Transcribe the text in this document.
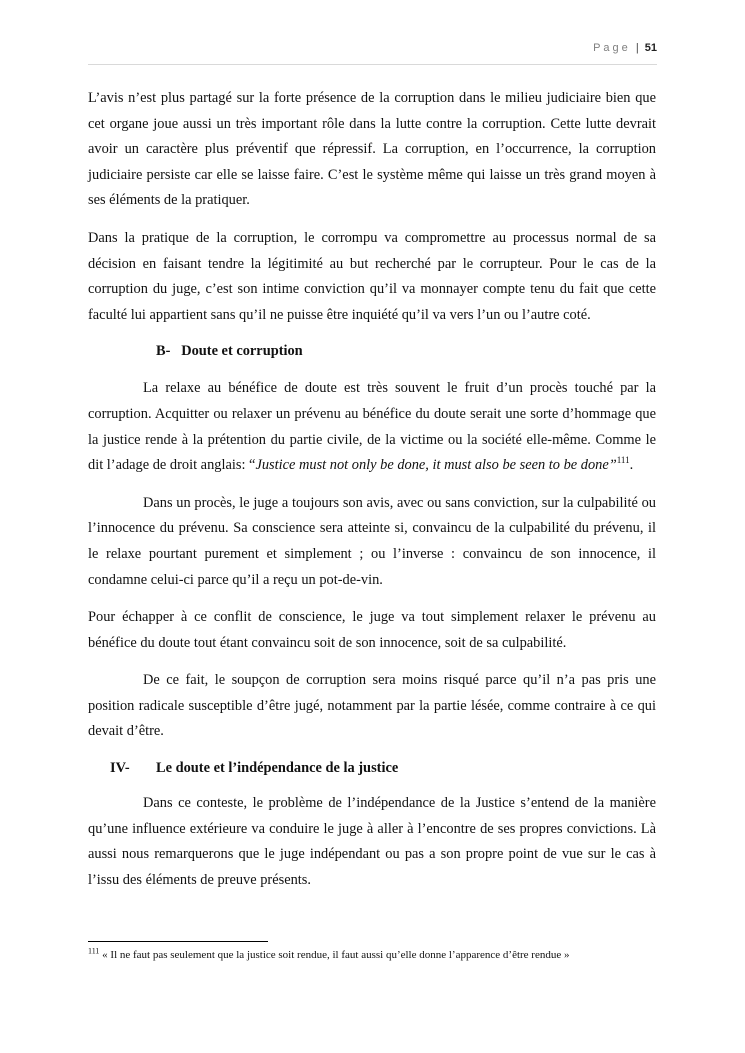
Page | 51

L’avis n’est plus partagé sur la forte présence de la corruption dans le milieu judiciaire bien que cet organe joue aussi un très important rôle dans la lutte contre la corruption. Cette lutte devrait avoir un caractère plus préventif que répressif. La corruption, en l’occurrence, la corruption judiciaire persiste car elle se laisse faire. C’est le système même qui laisse un très grand moyen à ses éléments de la pratiquer.

Dans la pratique de la corruption, le corrompu va compromettre au processus normal de sa décision en faisant tendre la légitimité au but recherché par le corrupteur. Pour le cas de la corruption du juge, c’est son intime conviction qu’il va monnayer compte tenu du fait que cette faculté lui appartient sans qu’il ne puisse être inquiété qu’il va vers l’un ou l’autre coté.

B- Doute et corruption

La relaxe au bénéfice de doute est très souvent le fruit d’un procès touché par la corruption. Acquitter ou relaxer un prévenu au bénéfice du doute serait une sorte d’hommage que la justice rende à la prétention du partie civile, de la victime ou la société elle-même. Comme le dit l’adage de droit anglais: “Justice must not only be done, it must also be seen to be done”$^{111}$.

Dans un procès, le juge a toujours son avis, avec ou sans conviction, sur la culpabilité ou l’innocence du prévenu. Sa conscience sera atteinte si, convaincu de la culpabilité du prévenu, il le relaxe pourtant purement et simplement ; ou l’inverse : convaincu de son innocence, il condamne celui-ci parce qu’il a reçu un pot-de-vin.

Pour échapper à ce conflit de conscience, le juge va tout simplement relaxer le prévenu au bénéfice du doute tout étant convaincu soit de son innocence, soit de sa culpabilité.

De ce fait, le soupçon de corruption sera moins risqué parce qu’il n’a pas pris une position radicale susceptible d’être jugé, notamment par la partie lésée, comme contraire à ce qui devait d’être.

IV- Le doute et l’indépendance de la justice

Dans ce conteste, le problème de l’indépendance de la Justice s’entend de la manière qu’une influence extérieure va conduire le juge à aller à l’encontre de ses propres convictions. Là aussi nous remarquerons que le juge indépendant ou pas a son propre point de vue sur le cas à l’issu des éléments de preuve présents.

$^{111}$ « Il ne faut pas seulement que la justice soit rendue, il faut aussi qu’elle donne l’apparence d’être rendue »
